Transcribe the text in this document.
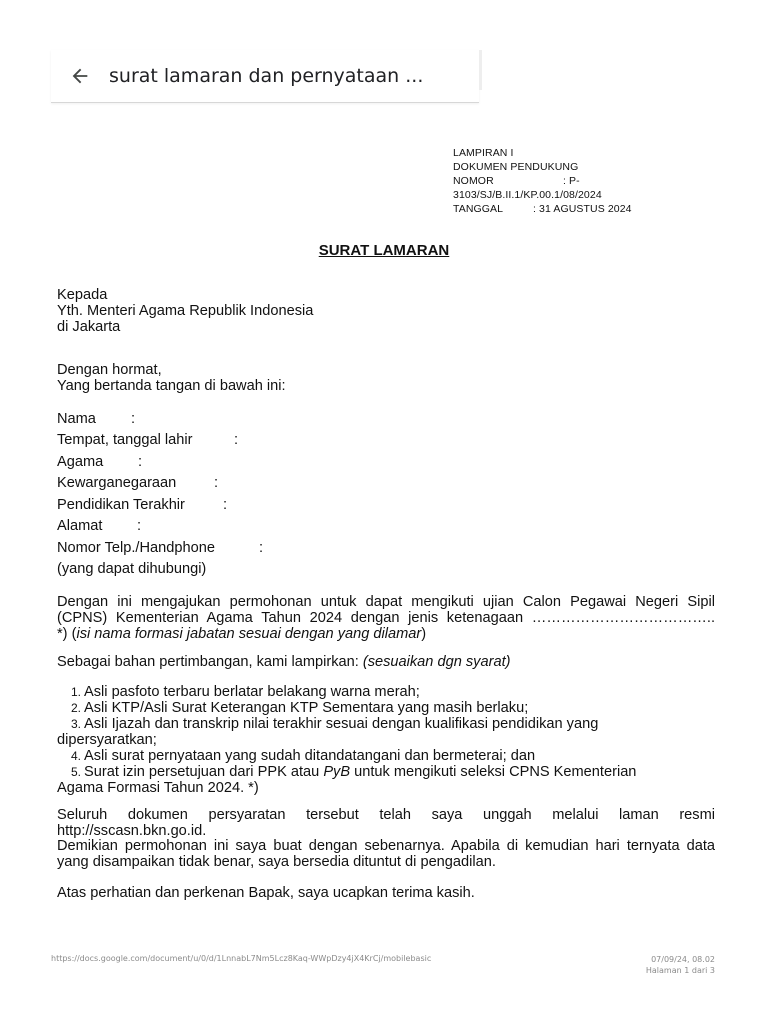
surat lamaran dan pernyataan ...
LAMPIRAN I
DOKUMEN PENDUKUNG
NOMOR	: P-
3103/SJ/B.II.1/KP.00.1/08/2024
TANGGAL	: 31 AGUSTUS 2024
SURAT LAMARAN
Kepada
Yth. Menteri Agama Republik Indonesia
di Jakarta
Dengan hormat,
Yang bertanda tangan di bawah ini:
Nama :
Tempat, tanggal lahir	:
Agama :
Kewarganegaraan	:
Pendidikan Terakhir	:
Alamat :
Nomor Telp./Handphone	:
(yang dapat dihubungi)
Dengan ini mengajukan permohonan untuk dapat mengikuti ujian Calon Pegawai Negeri Sipil
(CPNS) Kementerian Agama Tahun 2024 dengan jenis ketenagaan ………………………………..
*) (isi nama formasi jabatan sesuai dengan yang dilamar)
Sebagai bahan pertimbangan, kami lampirkan: (sesuaikan dgn syarat)
1. Asli pasfoto terbaru berlatar belakang warna merah;
2. Asli KTP/Asli Surat Keterangan KTP Sementara yang masih berlaku;
3. Asli Ijazah dan transkrip nilai terakhir sesuai dengan kualifikasi pendidikan yang
dipersyaratkan;
4. Asli surat pernyataan yang sudah ditandatangani dan bermeterai; dan
5. Surat izin persetujuan dari PPK atau PyB untuk mengikuti seleksi CPNS Kementerian
Agama Formasi Tahun 2024. *)
Seluruh dokumen persyaratan tersebut telah saya unggah melalui laman resmi
http://sscasn.bkn.go.id.
Demikian permohonan ini saya buat dengan sebenarnya. Apabila di kemudian hari ternyata data
yang disampaikan tidak benar, saya bersedia dituntut di pengadilan.
Atas perhatian dan perkenan Bapak, saya ucapkan terima kasih.
https://docs.google.com/document/u/0/d/1LnnabL7Nm5Lcz8Kaq-WWpDzy4jX4KrCj/mobilebasic	07/09/24, 08.02
Halaman 1 dari 3
